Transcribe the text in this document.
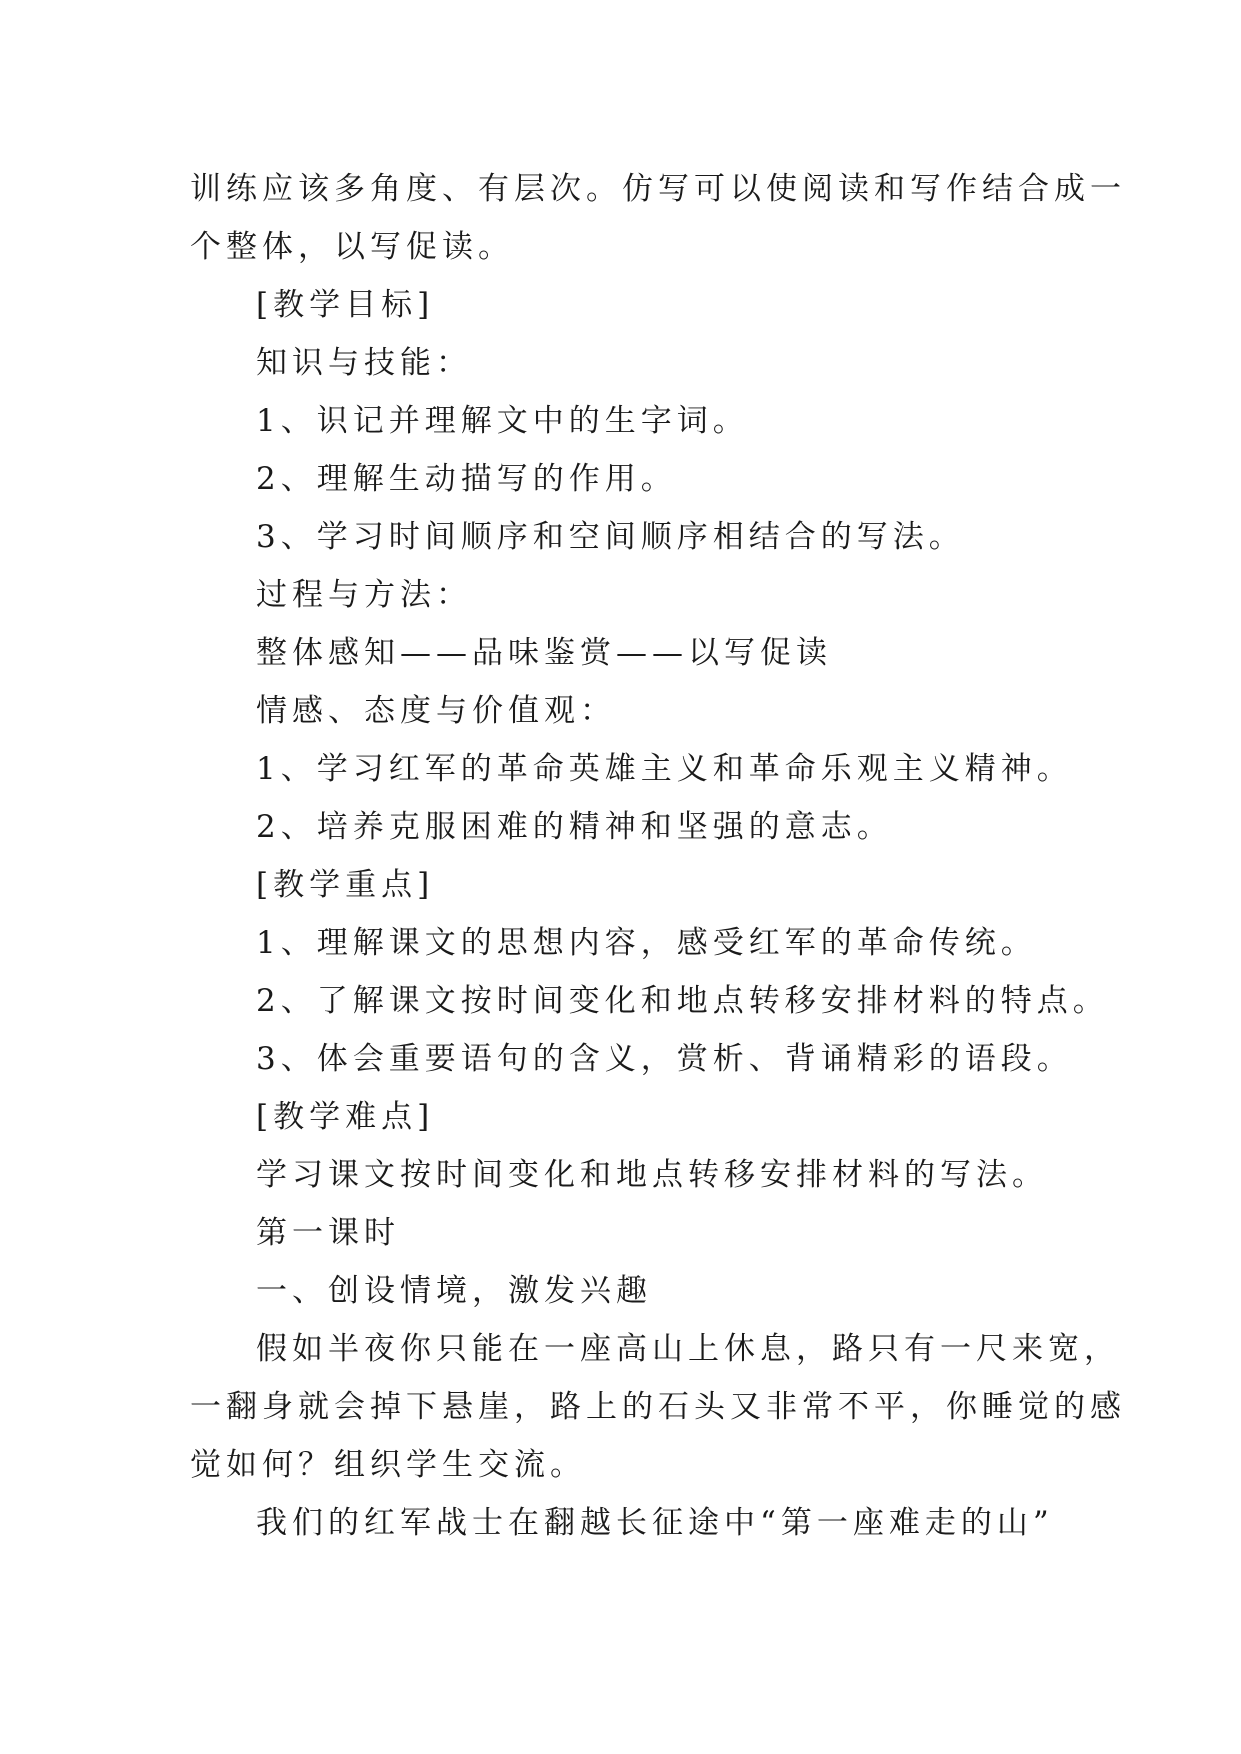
训练应该多角度、有层次。仿写可以使阅读和写作结合成一
个整体，以写促读。
[教学目标]
知识与技能：
1、识记并理解文中的生字词。
2、理解生动描写的作用。
3、学习时间顺序和空间顺序相结合的写法。
过程与方法：
整体感知——品味鉴赏——以写促读
情感、态度与价值观：
1、学习红军的革命英雄主义和革命乐观主义精神。
2、培养克服困难的精神和坚强的意志。
[教学重点]
1、理解课文的思想内容，感受红军的革命传统。
2、了解课文按时间变化和地点转移安排材料的特点。
3、体会重要语句的含义，赏析、背诵精彩的语段。
[教学难点]
学习课文按时间变化和地点转移安排材料的写法。
第一课时
一、创设情境，激发兴趣
假如半夜你只能在一座高山上休息，路只有一尺来宽，
一翻身就会掉下悬崖，路上的石头又非常不平，你睡觉的感
觉如何？组织学生交流。
我们的红军战士在翻越长征途中“第一座难走的山”
